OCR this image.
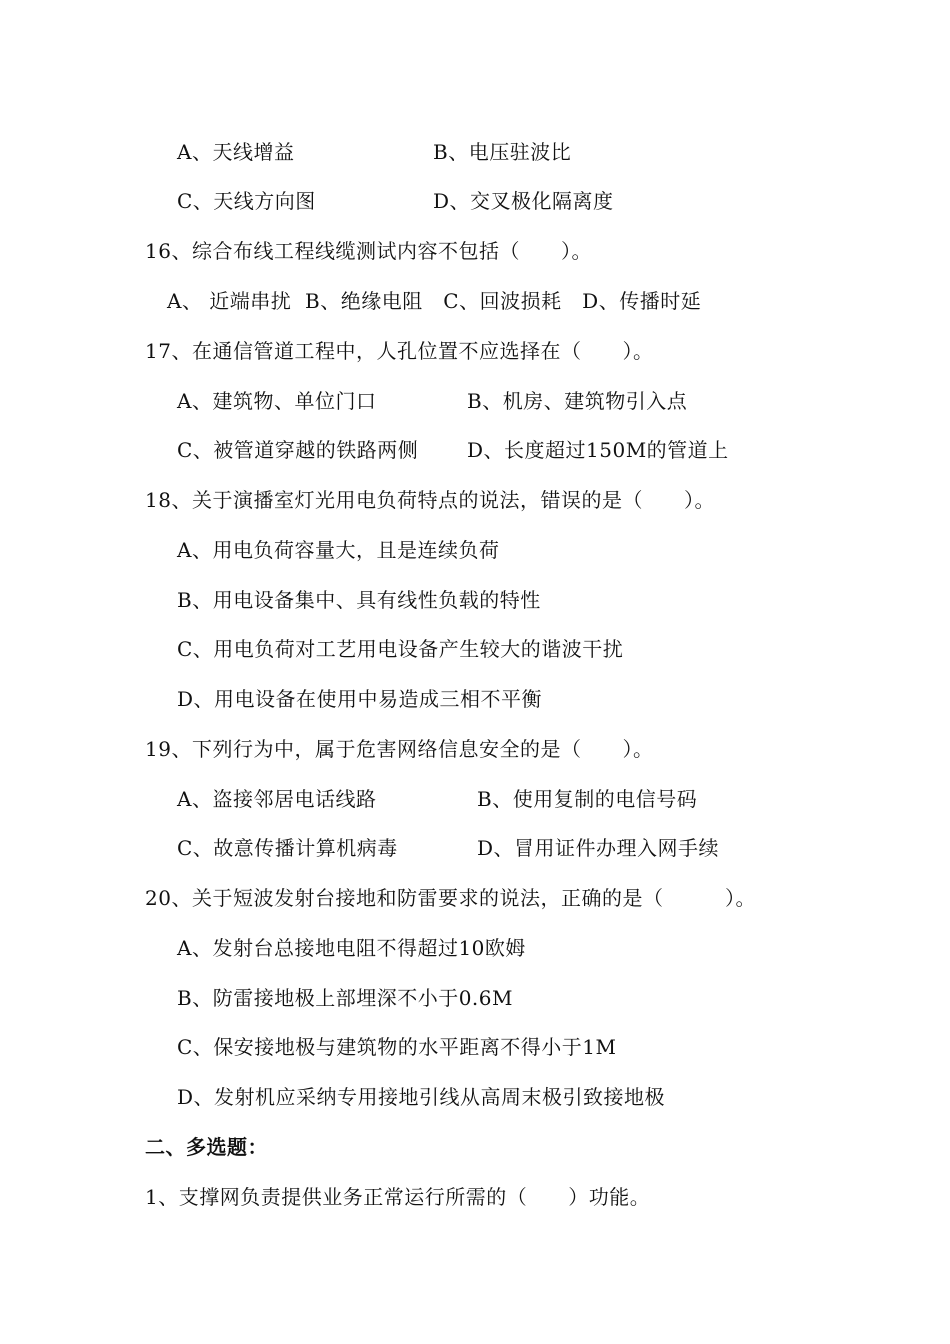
A、天线增益	B、电压驻波比
C、天线方向图	D、交叉极化隔离度
16、综合布线工程线缆测试内容不包括（　　）。
A、 近端串扰  B、绝缘电阻   C、回波损耗   D、传播时延
17、在通信管道工程中，人孔位置不应选择在（　　）。
A、建筑物、单位门口	B、机房、建筑物引入点
C、被管道穿越的铁路两侧 D、长度超过150M的管道上
18、关于演播室灯光用电负荷特点的说法，错误的是（　　）。
A、用电负荷容量大，且是连续负荷
B、用电设备集中、具有线性负载的特性
C、用电负荷对工艺用电设备产生较大的谐波干扰
D、用电设备在使用中易造成三相不平衡
19、下列行为中，属于危害网络信息安全的是（　　）。
A、盗接邻居电话线路	B、使用复制的电信号码
C、故意传播计算机病毒	D、冒用证件办理入网手续
20、关于短波发射台接地和防雷要求的说法，正确的是（　　　）。
A、发射台总接地电阻不得超过10欧姆
B、防雷接地极上部埋深不小于0.6M
C、保安接地极与建筑物的水平距离不得小于1M
D、发射机应采纳专用接地引线从高周末极引致接地极
二、多选题：
1、支撑网负责提供业务正常运行所需的（　　）功能。
